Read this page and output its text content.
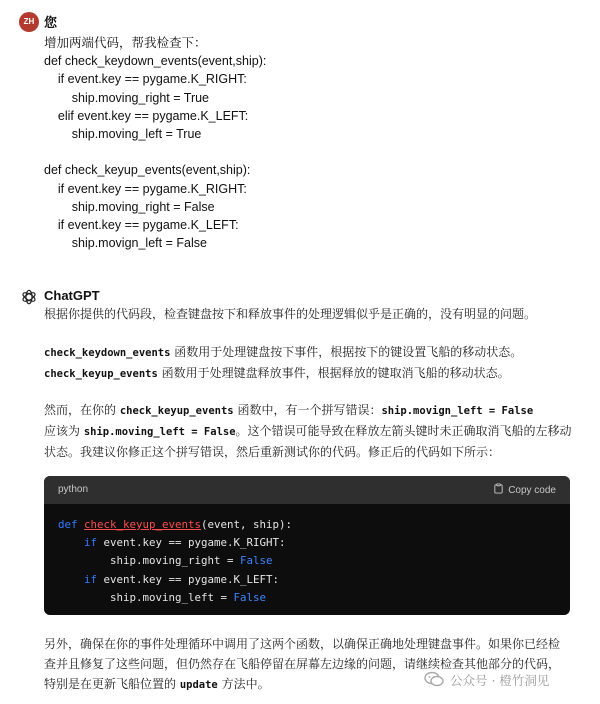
ZH 您
增加两端代码，帮我检查下：
def check_keydown_events(event,ship):
if event.key == pygame.K_RIGHT:
ship.moving_right = True
elif event.key == pygame.K_LEFT:
ship.moving_left = True
def check_keyup_events(event,ship):
if event.key == pygame.K_RIGHT:
ship.moving_right = False
if event.key == pygame.K_LEFT:
ship.movign_left = False
ChatGPT
根据你提供的代码段，检查键盘按下和释放事件的处理逻辑似乎是正确的，没有明显的问题。
check_keydown_events 函数用于处理键盘按下事件，根据按下的键设置飞船的移动状态。
check_keyup_events 函数用于处理键盘释放事件，根据释放的键取消飞船的移动状态。
然而，在你的 check_keyup_events 函数中，有一个拼写错误：ship.movign_left = False
应该为 ship.moving_left = False。这个错误可能导致在释放左箭头键时未正确取消飞船的左移动状态。我建议你修正这个拼写错误，然后重新测试你的代码。修正后的代码如下所示：
python	Copy code
def check_keyup_events(event, ship):
if event.key == pygame.K_RIGHT:
ship.moving_right = False
if event.key == pygame.K_LEFT:
ship.moving_left = False
另外，确保在你的事件处理循环中调用了这两个函数，以确保正确地处理键盘事件。如果你已经检查并且修复了这些问题，但仍然存在飞船停留在屏幕左边缘的问题，请继续检查其他部分的代码，特别是在更新飞船位置的 update 方法中。	公众号 · 橙竹洞见
